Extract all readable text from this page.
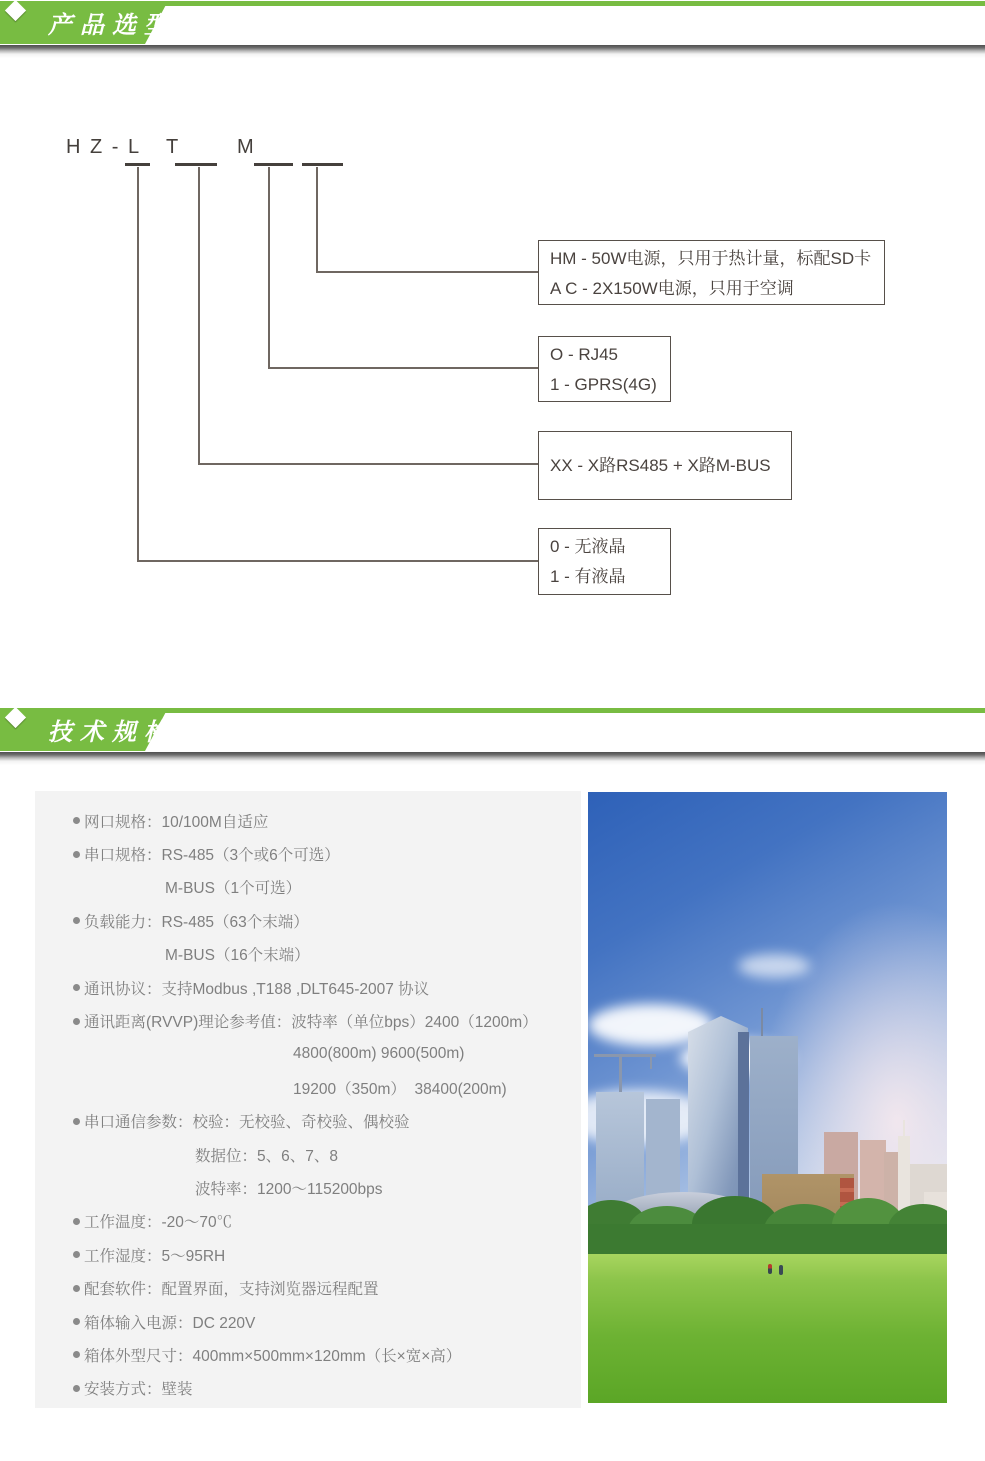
产品选型
H Z - L T	M
HM - 50W电源，只用于热计量，标配SD卡
A C - 2X150W电源，只用于空调
O - RJ45
1 - GPRS(4G)
XX - X路RS485 + X路M-BUS
0 - 无液晶
1 - 有液晶
技术规格
网口规格：10/100M自适应
串口规格：RS-485（3个或6个可选）
M-BUS（1个可选）
负载能力：RS-485（63个末端）
M-BUS（16个末端）
通讯协议：支持Modbus ,T188 ,DLT645-2007 协议
通讯距离(RVVP)理论参考值：波特率（单位bps）2400（1200m）
4800(800m) 9600(500m)
19200（350m）  38400(200m)
串口通信参数：校验：无校验、奇校验、偶校验
数据位：5、6、7、8
波特率：1200～115200bps
工作温度：-20～70℃
工作湿度：5～95RH
配套软件：配置界面，支持浏览器远程配置
箱体输入电源：DC 220V
箱体外型尺寸：400mm×500mm×120mm（长×宽×高）
安装方式：壁装
